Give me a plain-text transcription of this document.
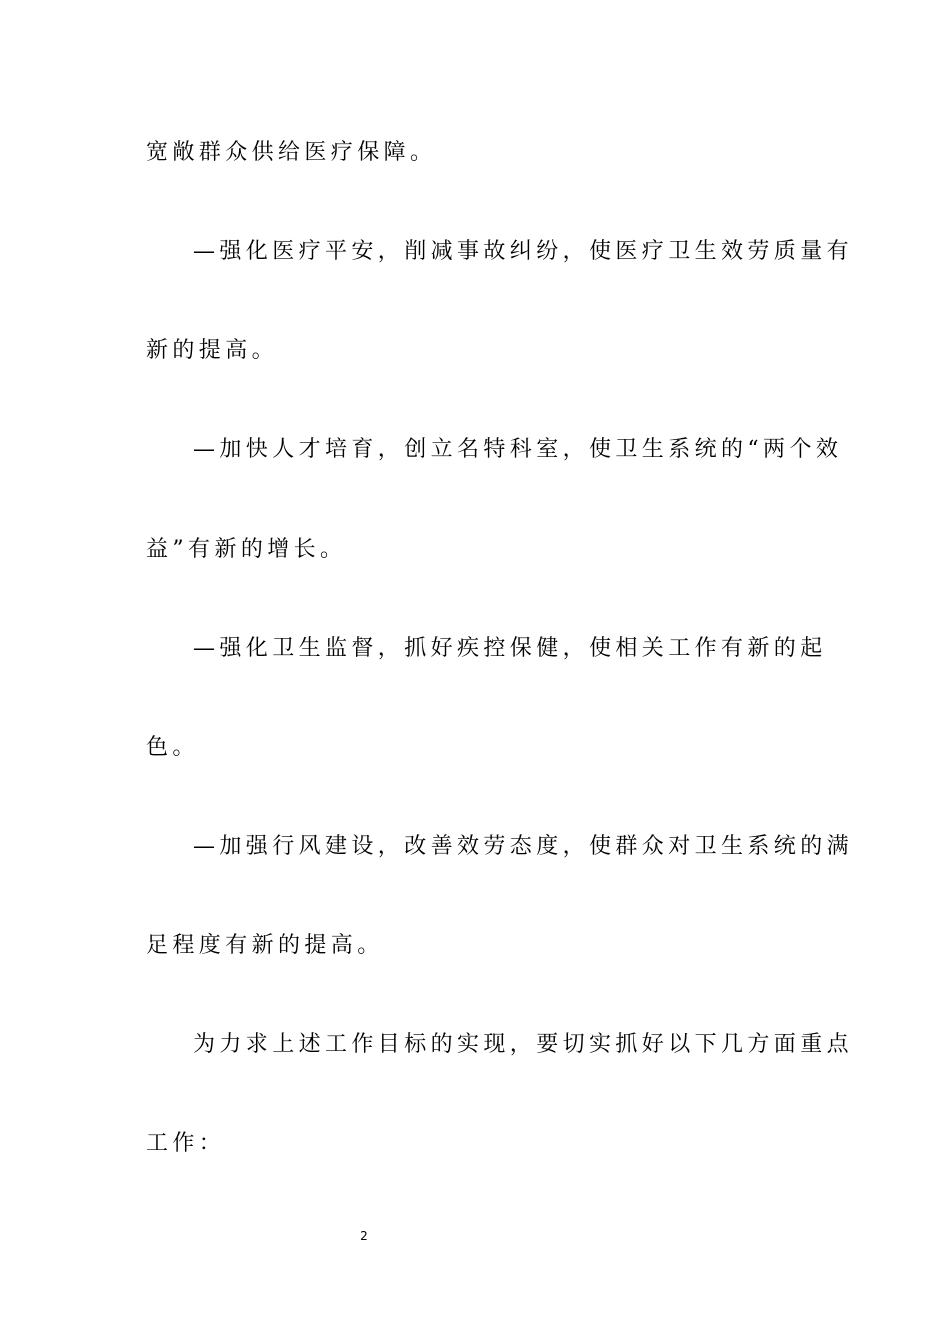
宽敞群众供给医疗保障。
—强化医疗平安，削减事故纠纷，使医疗卫生效劳质量有
新的提高。
—加快人才培育，创立名特科室，使卫生系统的“两个效
益”有新的增长。
—强化卫生监督，抓好疾控保健，使相关工作有新的起
色。
—加强行风建设，改善效劳态度，使群众对卫生系统的满
足程度有新的提高。
为力求上述工作目标的实现，要切实抓好以下几方面重点
工作：
2
